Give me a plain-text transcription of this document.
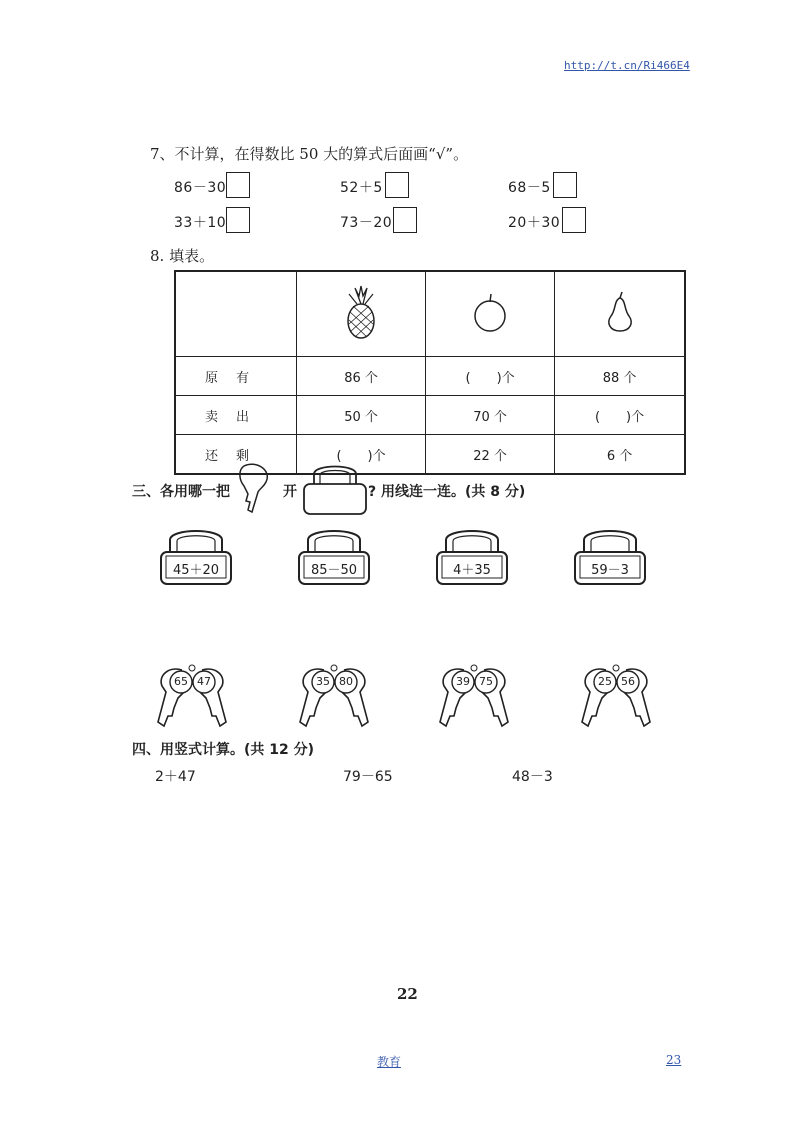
http://t.cn/Ri466E4
7、不计算，在得数比 50 大的算式后面画“√”。
86－30	52＋5	68－5
33＋10	73－20	20＋30
8. 填表。

原有	86 个	(　　)个	88 个
卖出	50 个	70 个	(　　)个
还剩	(　　)个	22 个	6 个
三、各用哪一把	开	? 用线连一连。(共 8 分)
45＋20	85－50	4＋35	59－3
65 47	35 80	39 75	25 56
四、用竖式计算。(共 12 分)
2＋47	79－65	48－3
22
教育	23
